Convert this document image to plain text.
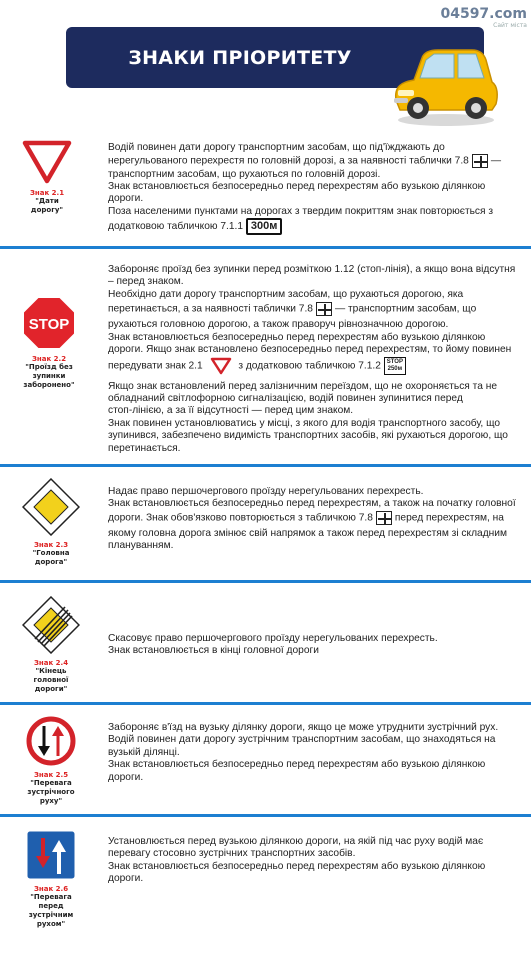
04597.com
Сайт міста
ЗНАКИ ПРІОРИТЕТУ
Знак 2.1
"Дати дорогу"

Водій повинен дати дорогу транспортним засобам, що під'їжджають до

нерегульованого перехрестя по головній дорозі, а за наявності таблички 7.8 — транспортним засобам, що рухаються по головній дорозі.

Знак встановлюється безпосередньо перед перехрестям або вузькою ділянкою

дороги.

Поза населеними пунктами на дорогах з твердим покриттям знак повторюється з

додатковою табличкою 7.1.1 300м

STOP
Знак 2.2
"Проїзд без зупинки заборонено"

Забороняє проїзд без зупинки перед розміткою 1.12 (стоп-лінія), а якщо вона відсутня

– перед знаком.

Необхідно дати дорогу транспортним засобам, що рухаються дорогою, яка

перетинається, а за наявності таблички 7.8 — транспортним засобам, що

рухаються головною дорогою, а також праворуч рівнозначною дорогою.

Знак встановлюється безпосередньо перед перехрестям або вузькою ділянкою

дороги. Якщо знак встановлено безпосередньо перед перехрестям, то йому повинен

передувати знак 2.1	з додатковою табличкою 7.1.2 STOP
250м

Якщо знак встановлений перед залізничним переїздом, що не охороняється та не

обладнаний світлофорною сигналізацією, водій повинен зупинитися перед

стоп-лінією, а за її відсутності — перед цим знаком.

Знак повинен установлюватись у місці, з якого для водія транспортного засобу, що

зупинився, забезпечено видимість транспортних засобів, які рухаються дорогою, що

перетинається.

Знак 2.3
"Головна дорога"

Надає право першочергового проїзду нерегульованих перехресть.

Знак встановлюється безпосередньо перед перехрестям, а також на початку головної

дороги. Знак обов'язково повторюється з табличкою 7.8 перед перехрестям, на

якому головна дорога змінює свій напрямок а також перед перехрестям зі складним

плануванням.

Знак 2.4
"Кінець головної дороги"

Скасовує право першочергового проїзду нерегульованих перехресть.

Знак встановлюється в кінці головної дороги

Знак 2.5
"Перевага зустрічного руху"

Забороняє в'їзд на вузьку ділянку дороги, якщо це може утруднити зустрічний рух.

Водій повинен дати дорогу зустрічним транспортним засобам, що знаходяться на

вузькій ділянці.

Знак встановлюється безпосередньо перед перехрестям або вузькою ділянкою

дороги.

Знак 2.6
"Перевага перед зустрічним рухом"

Установлюється перед вузькою ділянкою дороги, на якій під час руху водій має

перевагу стосовно зустрічних транспортних засобів.

Знак встановлюється безпосередньо перед перехрестям або вузькою ділянкою

дороги.
